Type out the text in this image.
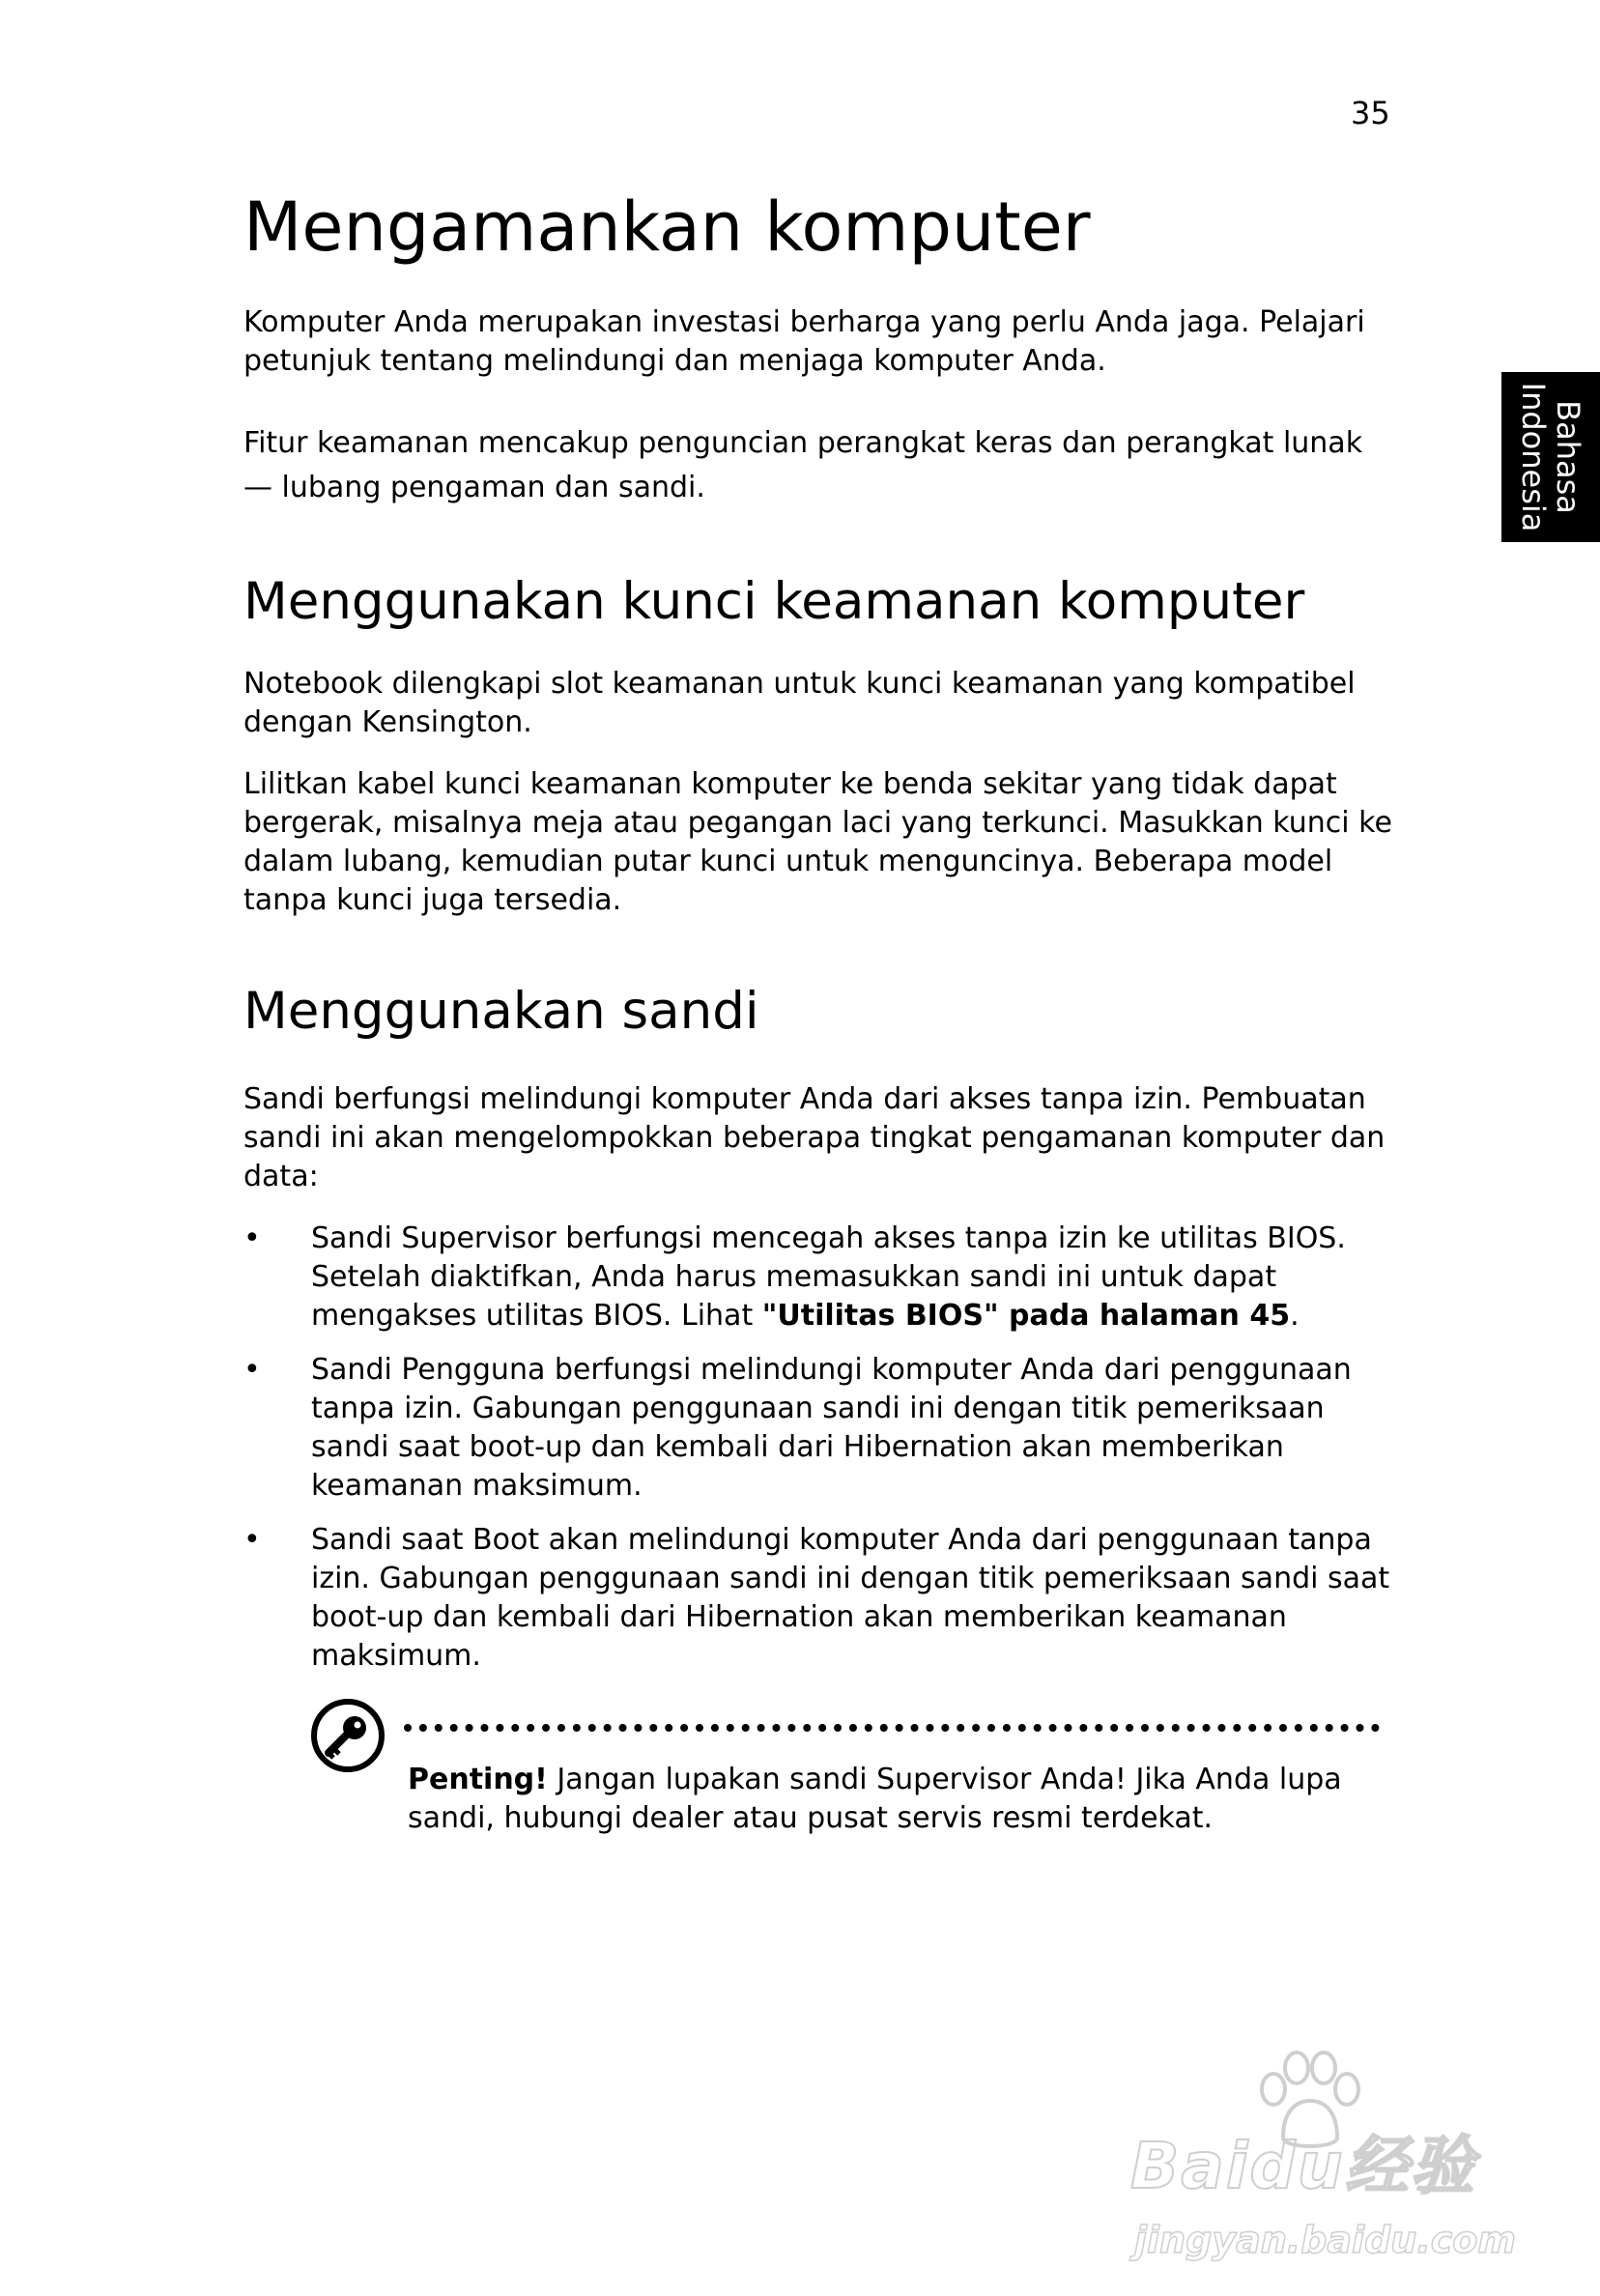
35
Bahasa
Indonesia
Mengamankan komputer

Komputer Anda merupakan investasi berharga yang perlu Anda jaga. Pelajari petunjuk tentang melindungi dan menjaga komputer Anda.

Fitur keamanan mencakup penguncian perangkat keras dan perangkat lunak — lubang pengaman dan sandi.

Menggunakan kunci keamanan komputer

Notebook dilengkapi slot keamanan untuk kunci keamanan yang kompatibel dengan Kensington.

Lilitkan kabel kunci keamanan komputer ke benda sekitar yang tidak dapat bergerak, misalnya meja atau pegangan laci yang terkunci. Masukkan kunci ke dalam lubang, kemudian putar kunci untuk menguncinya. Beberapa model tanpa kunci juga tersedia.

Menggunakan sandi

Sandi berfungsi melindungi komputer Anda dari akses tanpa izin. Pembuatan sandi ini akan mengelompokkan beberapa tingkat pengamanan komputer dan data:

• Sandi Supervisor berfungsi mencegah akses tanpa izin ke utilitas BIOS. Setelah diaktifkan, Anda harus memasukkan sandi ini untuk dapat mengakses utilitas BIOS. Lihat "Utilitas BIOS" pada halaman 45.
• Sandi Pengguna berfungsi melindungi komputer Anda dari penggunaan tanpa izin. Gabungan penggunaan sandi ini dengan titik pemeriksaan sandi saat boot-up dan kembali dari Hibernation akan memberikan keamanan maksimum.
• Sandi saat Boot akan melindungi komputer Anda dari penggunaan tanpa izin. Gabungan penggunaan sandi ini dengan titik pemeriksaan sandi saat boot-up dan kembali dari Hibernation akan memberikan keamanan maksimum.
Penting! Jangan lupakan sandi Supervisor Anda! Jika Anda lupa sandi, hubungi dealer atau pusat servis resmi terdekat.
Baidu经验
jingyan.baidu.com
